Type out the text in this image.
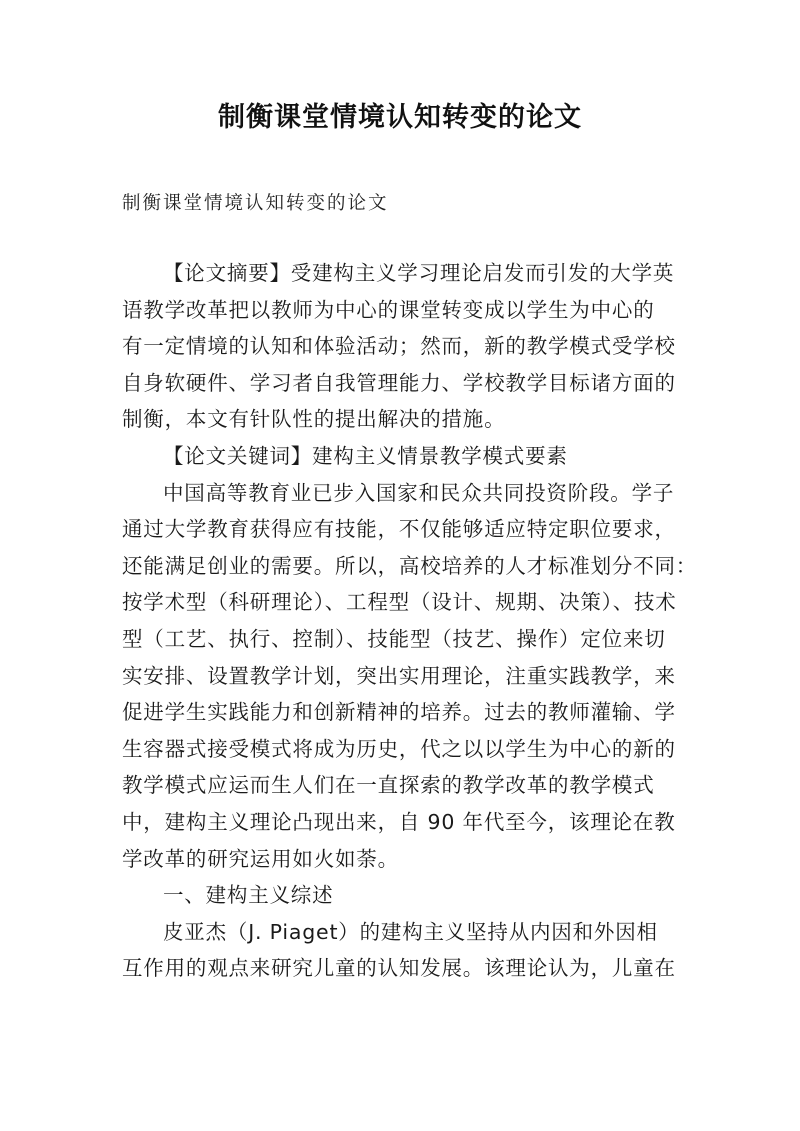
制衡课堂情境认知转变的论文
制衡课堂情境认知转变的论文
【论文摘要】受建构主义学习理论启发而引发的大学英
语教学改革把以教师为中心的课堂转变成以学生为中心的
有一定情境的认知和体验活动；然而，新的教学模式受学校
自身软硬件、学习者自我管理能力、学校教学目标诸方面的
制衡，本文有针队性的提出解决的措施。
【论文关键词】建构主义情景教学模式要素
中国高等教育业已步入国家和民众共同投资阶段。学子
通过大学教育获得应有技能，不仅能够适应特定职位要求，
还能满足创业的需要。所以，高校培养的人才标准划分不同：
按学术型（科研理论）、工程型（设计、规期、决策）、技术
型（工艺、执行、控制）、技能型（技艺、操作）定位来切
实安排、设置教学计划，突出实用理论，注重实践教学，来
促进学生实践能力和创新精神的培养。过去的教师灌输、学
生容器式接受模式将成为历史，代之以以学生为中心的新的
教学模式应运而生人们在一直探索的教学改革的教学模式
中，建构主义理论凸现出来，自 90 年代至今，该理论在教
学改革的研究运用如火如荼。
一、建构主义综述
皮亚杰（J. Piaget）的建构主义坚持从内因和外因相
互作用的观点来研究儿童的认知发展。该理论认为，儿童在
